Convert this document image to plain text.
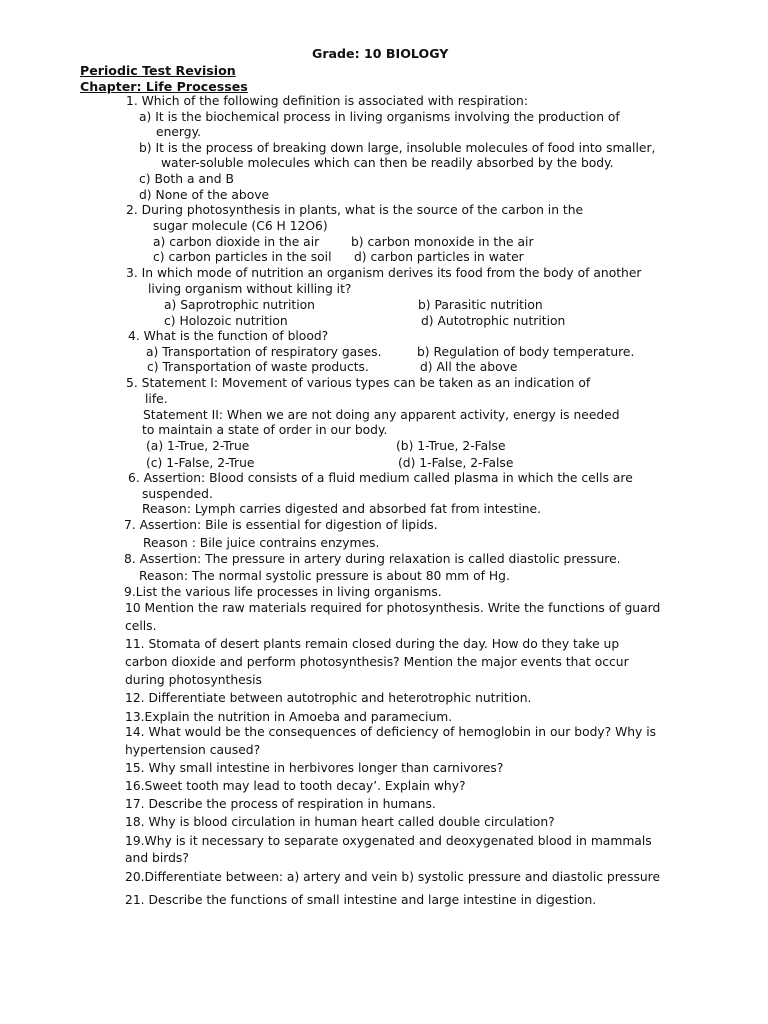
Grade: 10 BIOLOGY
Periodic Test Revision
Chapter: Life Processes
1. Which of the following definition is associated with respiration:
a) It is the biochemical process in living organisms involving the production of
energy.
b) It is the process of breaking down large, insoluble molecules of food into smaller,
water-soluble molecules which can then be readily absorbed by the body.
c) Both a and B
d) None of the above
2. During photosynthesis in plants, what is the source of the carbon in the
sugar molecule (C6 H 12O6)
a) carbon dioxide in the air	b) carbon monoxide in the air
c) carbon particles in the soil d) carbon particles in water
3. In which mode of nutrition an organism derives its food from the body of another
living organism without killing it?
a) Saprotrophic nutrition	b) Parasitic nutrition
c) Holozoic nutrition	d) Autotrophic nutrition
4. What is the function of blood?
a) Transportation of respiratory gases.	b) Regulation of body temperature.
c) Transportation of waste products.	d) All the above
5. Statement I: Movement of various types can be taken as an indication of
life.
Statement II: When we are not doing any apparent activity, energy is needed
to maintain a state of order in our body.
(a) 1-True, 2-True	(b) 1-True, 2-False
(c) 1-False, 2-True	(d) 1-False, 2-False
6. Assertion: Blood consists of a fluid medium called plasma in which the cells are
suspended.
Reason: Lymph carries digested and absorbed fat from intestine.
7. Assertion: Bile is essential for digestion of lipids.
Reason : Bile juice contrains enzymes.
8. Assertion: The pressure in artery during relaxation is called diastolic pressure.
Reason: The normal systolic pressure is about 80 mm of Hg.
9.List the various life processes in living organisms.
10 Mention the raw materials required for photosynthesis. Write the functions of guard
cells.
11. Stomata of desert plants remain closed during the day. How do they take up
carbon dioxide and perform photosynthesis? Mention the major events that occur
during photosynthesis
12. Differentiate between autotrophic and heterotrophic nutrition.
13.Explain the nutrition in Amoeba and paramecium.
14. What would be the consequences of deficiency of hemoglobin in our body? Why is
hypertension caused?
15. Why small intestine in herbivores longer than carnivores?
16.Sweet tooth may lead to tooth decay’. Explain why?
17. Describe the process of respiration in humans.
18. Why is blood circulation in human heart called double circulation?
19.Why is it necessary to separate oxygenated and deoxygenated blood in mammals
and birds?
20.Differentiate between: a) artery and vein b) systolic pressure and diastolic pressure
21. Describe the functions of small intestine and large intestine in digestion.
